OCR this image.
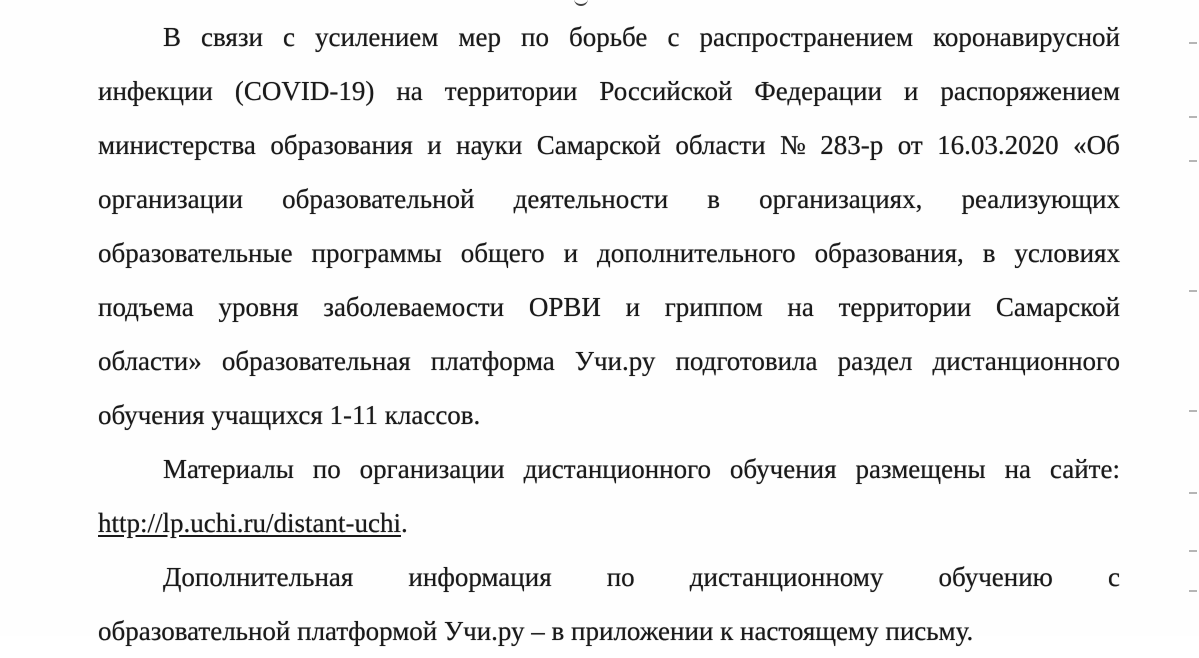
В связи с усилением мер по борьбе с распространением коронавирусной
инфекции (COVID-19) на территории Российской Федерации и распоряжением
министерства образования и науки Самарской области № 283-р от 16.03.2020 «Об
организации образовательной деятельности в организациях, реализующих
образовательные программы общего и дополнительного образования, в условиях
подъема уровня заболеваемости ОРВИ и гриппом на территории Самарской
области» образовательная платформа Учи.ру подготовила раздел дистанционного
обучения учащихся 1-11 классов.
Материалы по организации дистанционного обучения размещены на сайте:
http://lp.uchi.ru/distant-uchi.
Дополнительная информация по дистанционному обучению с
образовательной платформой Учи.ру – в приложении к настоящему письму.
